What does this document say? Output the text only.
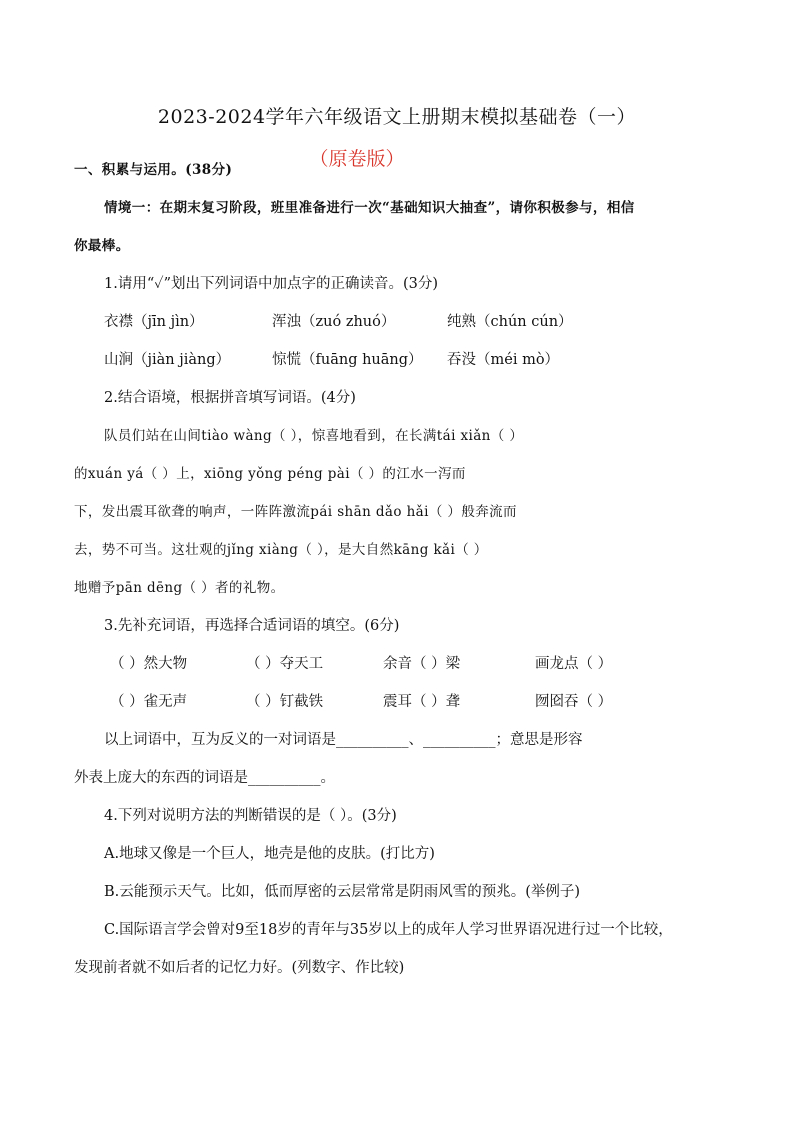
2023-2024学年六年级语文上册期末模拟基础卷（一）
（原卷版）
一、积累与运用。(38分)
情境一：在期末复习阶段，班里准备进行一次“基础知识大抽查”，请你积极参与，相信
你最棒。
1.请用“✓”划出下列词语中加点字的正确读音。(3分)
衣襟（jīn jìn）	浑浊（zuó zhuó）	纯熟（chún cún）
山涧（jiàn jiàng）	惊慌（fuāng huāng） 吞没（méi mò）
2.结合语境，根据拼音填写词语。(4分)
队员们站在山间tiào wàng（ ），惊喜地看到，在长满tái xiǎn（ ）
的xuán yá（ ）上，xiōng yǒng péng pài（ ）的江水一泻而
下，发出震耳欲聋的响声，一阵阵激流pái shān dǎo hǎi（ ）般奔流而
去，势不可当。这壮观的jǐng xiàng（ ），是大自然kāng kǎi（ ）
地赠予pān dēng（ ）者的礼物。
3.先补充词语，再选择合适词语的填空。(6分)
（ ）然大物	（ ）夺天工	余音（ ）梁	画龙点（ ）
（ ）雀无声	（ ）钉截铁	震耳（ ）聋	囫囵吞（ ）
以上词语中，互为反义的一对词语是__________、__________；意思是形容
外表上庞大的东西的词语是__________。
4.下列对说明方法的判断错误的是（ ）。(3分)
A.地球又像是一个巨人，地壳是他的皮肤。(打比方)
B.云能预示天气。比如，低而厚密的云层常常是阴雨风雪的预兆。(举例子)
C.国际语言学会曾对9至18岁的青年与35岁以上的成年人学习世界语况进行过一个比较，
发现前者就不如后者的记忆力好。(列数字、作比较)
